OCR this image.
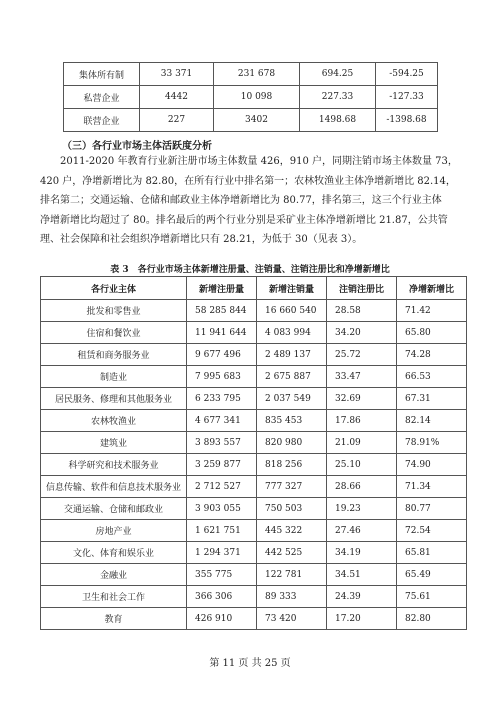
集体所有制	33 371	231 678	694.25	-594.25
私营企业	4442	10 098	227.33	-127.33
联营企业	227	3402	1498.68	-1398.68
（三）各行业市场主体活跃度分析

　　2011-2020 年教育行业新注册市场主体数量 426，910 户，同期注销市场主体数量 73，
420 户，净增新增比为 82.80，在所有行业中排名第一；农林牧渔业主体净增新增比 82.14，
排名第二；交通运输、仓储和邮政业主体净增新增比为 80.77，排名第三，这三个行业主体
净增新增比均超过了 80。排名最后的两个行业分别是采矿业主体净增新增比 21.87，公共管
理、社会保障和社会组织净增新增比只有 28.21，为低于 30（见表 3）。

表 3　各行业市场主体新增注册量、注销量、注销注册比和净增新增比
各行业主体	新增注册量	新增注销量	注销注册比	净增新增比
批发和零售业	58 285 844	16 660 540	28.58	71.42
住宿和餐饮业	11 941 644	4 083 994	34.20	65.80
租赁和商务服务业	9 677 496	2 489 137	25.72	74.28
制造业	7 995 683	2 675 887	33.47	66.53
居民服务、修理和其他服务业	6 233 795	2 037 549	32.69	67.31
农林牧渔业	4 677 341	835 453	17.86	82.14
建筑业	3 893 557	820 980	21.09	78.91%
科学研究和技术服务业	3 259 877	818 256	25.10	74.90
信息传输、软件和信息技术服务业	2 712 527	777 327	28.66	71.34
交通运输、仓储和邮政业	3 903 055	750 503	19.23	80.77
房地产业	1 621 751	445 322	27.46	72.54
文化、体育和娱乐业	1 294 371	442 525	34.19	65.81
金融业	355 775	122 781	34.51	65.49
卫生和社会工作	366 306	89 333	24.39	75.61
教育	426 910	73 420	17.20	82.80
第 11 页 共 25 页
